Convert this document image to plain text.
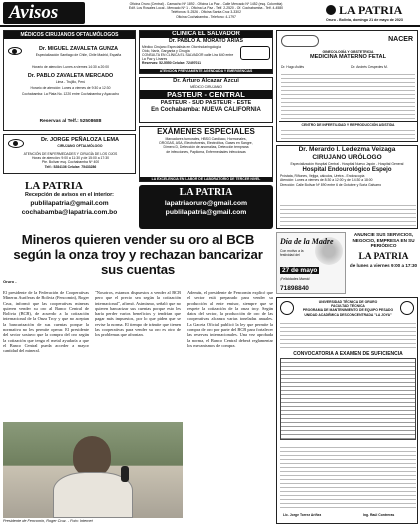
Avisos	Oficina Oruro (Central) - Camacho Nº 1892 - Oficina La Paz - Calle Mercado Nº 1452 (esq. Colombia)
Edif. Los Rosales Local - Mercado Nº 1 - Oficina La Paz - Telf. 2-2520 - Of. Cochabamba - Telf. 4-4580
Teléfonos: 5-2526 - Oficina Santa Cruz 3-3302
Oficina Cochabamba - Telefono: 4-1797	LA PATRIA
Oruro - Bolivia, domingo 21 de mayo de 2023
MÉDICOS CIRUJANOS OFTALMÓLOGOS
Dr. MIGUEL ZAVALETA GUNZA
Especialización Santiago de Chile, Chile Madrid, España
Horario de atención: Lunes a viernes 14:30 a 20:00
Dr. PABLO ZAVALETA MERCADO
Lima - Trujillo, Perú
Horario de atención: Lunes a viernes de 9:30 a 12:30
Cochabamba: La Plata No. 1220 entre Cochabamba y Ayacucho
Reservas al Telf.: 52508688
Dr. JORGE PEÑALOZA LEMA
CIRUJANO OFTALMÓLOGO
ATENCIÓN DE ENFERMEDADES Y CIRUGÍA DE LOS OJOS
Horas de atención: 9:00 a 11:30 y de 15:00 a 17:30
Pte. Bolívar esq. Cochabamba Nº 400
Telf.: 5284136 Celular: 75433286
LA PATRIA
Recepción de avisos en el interior:
publilapatria@gmail.com
cochabamba@lapatria.com.bo
CLÍNICA EL SALVADOR
Dr. PABLO A. MORATO ARIAS
Médico Cirujano Especialista en Otorrinolaringología
Oído, Nariz, Garganta y Cirugía
CONSULTA EN CLÍNICA EL SALVADOR calle Lira 640 entre La Paz y Linares
Reservas: 52-5550 Celular: 72497011
ATENCIÓN PREVIAMENTE AGENDADA Y EMERGENCIAS
Dr. Arturo Alcazar Azcui
MÉDICO CIRUJANO
PASTEUR - CENTRAL
PASTEUR - SUD PASTEUR - ESTE
En Cochabamba: NUEVA CALIFORNIA
EXÁMENES ESPECIALES
Marcadores tumorales, HBSG Cardíaco, Hormonales,
DROGAS, ASA, Electroforesis, Electrolitos, Gases en Sangre,
Dímero D, Detección de anomalías, Detección temprana
de infecciones, Papiloma, Enfermedades infecciosas
LA EXCELENCIA EN LABOR DE LABORATORIO DE TERCER NIVEL
LA PATRIA
lapatriaoruro@gmail.com
publilapatria@gmail.com
NACER
GINECOLOGÍA Y OBSTETRICIA
MEDICINA MATERNO FETAL
Dr. Hugo Avilés	Dr. Andrés Cespedes M.
CENTRO DE INFERTILIDAD Y REPRODUCCIÓN ASISTIDA
Dr. Merardo I. Ledezma Veizaga
CIRUJANO URÓLOGO
Especialización Hospital Central - Hospital Nuevo Japón - Hospital General
Hospital Endourológico Espejo
Próstata, Riñones, Vejiga, cálculos, Uretra - Endoscopía
Atención: Lunes a viernes de 8:30 a 12:00 y de 14:30 a 18:00
Dirección: Calle Bolívar Nº 890 entre 6 de Octubre y Soria Galvarro
Día de la Madre
Con motivo a la festividad del
27 de mayo
¡Felicidades Mamá!
71898840
ANUNCIE SUS SERVICIOS, NEGOCIO, EMPRESA EN SU PERIÓDICO
LA PATRIA
de lunes a viernes 9:00 a 17:30
UNIVERSIDAD TÉCNICA DE ORURO
FACULTAD TÉCNICA
PROGRAMA DE MANTENIMIENTO DE EQUIPO PESADO
UNIDAD ACADÉMICA DESCONCENTRADA "LA JOYA"
CONVOCATORIA A EXAMEN DE SUFICIENCIA
Lic. Jorge Torrez Ariñez	Ing. Raúl Contreras
Mineros quieren vender su oro al BCB según la onza troy y rechazan bancarizar sus cuentas
Oruro -
El presidente de la Federación de Cooperativas Mineras Auríferas de Bolivia (Fencomin), Roger Cruz, informó que las cooperativas mineras quieren vender su oro al Banco Central de Bolivia (BCB), de acuerdo a la cotización internacional de la Onza Troy y que no aceptan la bancarización de sus cuentas porque la normativa no les permite operar. El presidente del sector sostuvo que la compra del oro según la cotización que tenga el metal ayudaría a que el Banco Central pueda acceder a mayor cantidad del mineral.
"Nosotros, estamos dispuestos a vender al BCB pero que el precio sea según la cotización internacional", afirmó. Asimismo, señaló que no quieren bancarizar sus cuentas porque esto les haría perder varios beneficios y tendrían que pagar más impuestos, por lo que piden que se revise la norma. El tiempo de trámite que tienen las cooperativas para vender su oro es otro de los problemas que afrontan.
Además, el presidente de Fencomin explicó que el sector está preparado para vender su producción al ente emisor, siempre que se respete la cotización de la onza troy. Según datos del sector, la producción de oro de las cooperativas alcanza varias toneladas anuales. La Gaceta Oficial publicó la ley que permite la compra de oro por parte del BCB para fortalecer las reservas internacionales. Una vez aprobada la norma, el Banco Central deberá reglamentar los mecanismos de compra.
Presidente de Fencomin, Roger Cruz. - Foto: Internet
